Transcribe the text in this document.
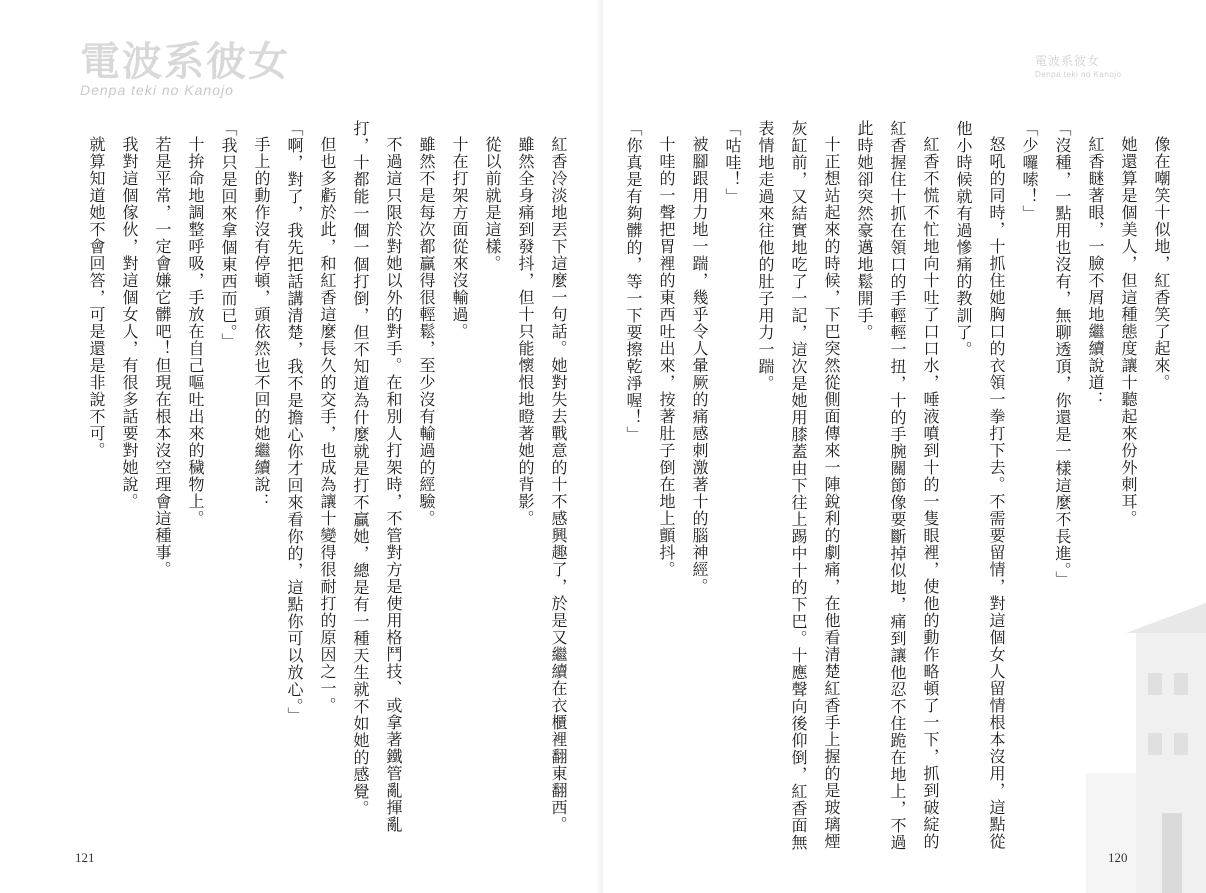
電波系彼女
Denpa teki no Kanojo

紅香冷淡地丟下這麼一句話。她對失去戰意的十不感興趣了，於是又繼續在衣櫃裡翻東翻西。

雖然全身痛到發抖，但十只能懷恨地瞪著她的背影。

從以前就是這樣。

十在打架方面從來沒輸過。

雖然不是每次都贏得很輕鬆，至少沒有輸過的經驗。

不過這只限於對她以外的對手。在和別人打架時，不管對方是使用格鬥技、或拿著鐵管亂揮亂打，十都能一個一個打倒，但不知道為什麼就是打不贏她，總是有一種天生就不如她的感覺。

但也多虧於此，和紅香這麼長久的交手，也成為讓十變得很耐打的原因之一。

「啊，對了，我先把話講清楚，我不是擔心你才回來看你的，這點你可以放心。」

手上的動作沒有停頓，頭依然也不回的她繼續說：

「我只是回來拿個東西而已。」

十拚命地調整呼吸，手放在自己嘔吐出來的穢物上。

若是平常，一定會嫌它髒吧！但現在根本沒空理會這種事。

我對這個傢伙，對這個女人，有很多話要對她說。

就算知道她不會回答，可是還是非說不可。

121
電波系彼女
Denpa teki no Kanojo

像在嘲笑十似地，紅香笑了起來。

她還算是個美人，但這種態度讓十聽起來份外刺耳。

紅香瞇著眼，一臉不屑地繼續說道：

「沒種，一點用也沒有，無聊透頂，你還是一樣這麼不長進。」

「少囉嗦！」

怒吼的同時，十抓住她胸口的衣領一拳打下去。不需要留情，對這個女人留情根本沒用，這點從他小時候就有過慘痛的教訓了。

紅香不慌不忙地向十吐了口口水，唾液噴到十的一隻眼裡，使他的動作略頓了一下，抓到破綻的紅香握住十抓在領口的手輕輕一扭，十的手腕關節像要斷掉似地，痛到讓他忍不住跪在地上，不過此時她卻突然豪邁地鬆開手。

十正想站起來的時候，下巴突然從側面傳來一陣銳利的劇痛，在他看清楚紅香手上握的是玻璃煙灰缸前，又結實地吃了一記，這次是她用膝蓋由下往上踢中十的下巴。十應聲向後仰倒，紅香面無表情地走過來往他的肚子用力一踹。

「咕哇！」

被腳跟用力地一踹，幾乎令人暈厥的痛感刺激著十的腦神經。

十哇的一聲把胃裡的東西吐出來，按著肚子倒在地上顫抖。

「你真是有夠髒的，等一下要擦乾淨喔！」

120
